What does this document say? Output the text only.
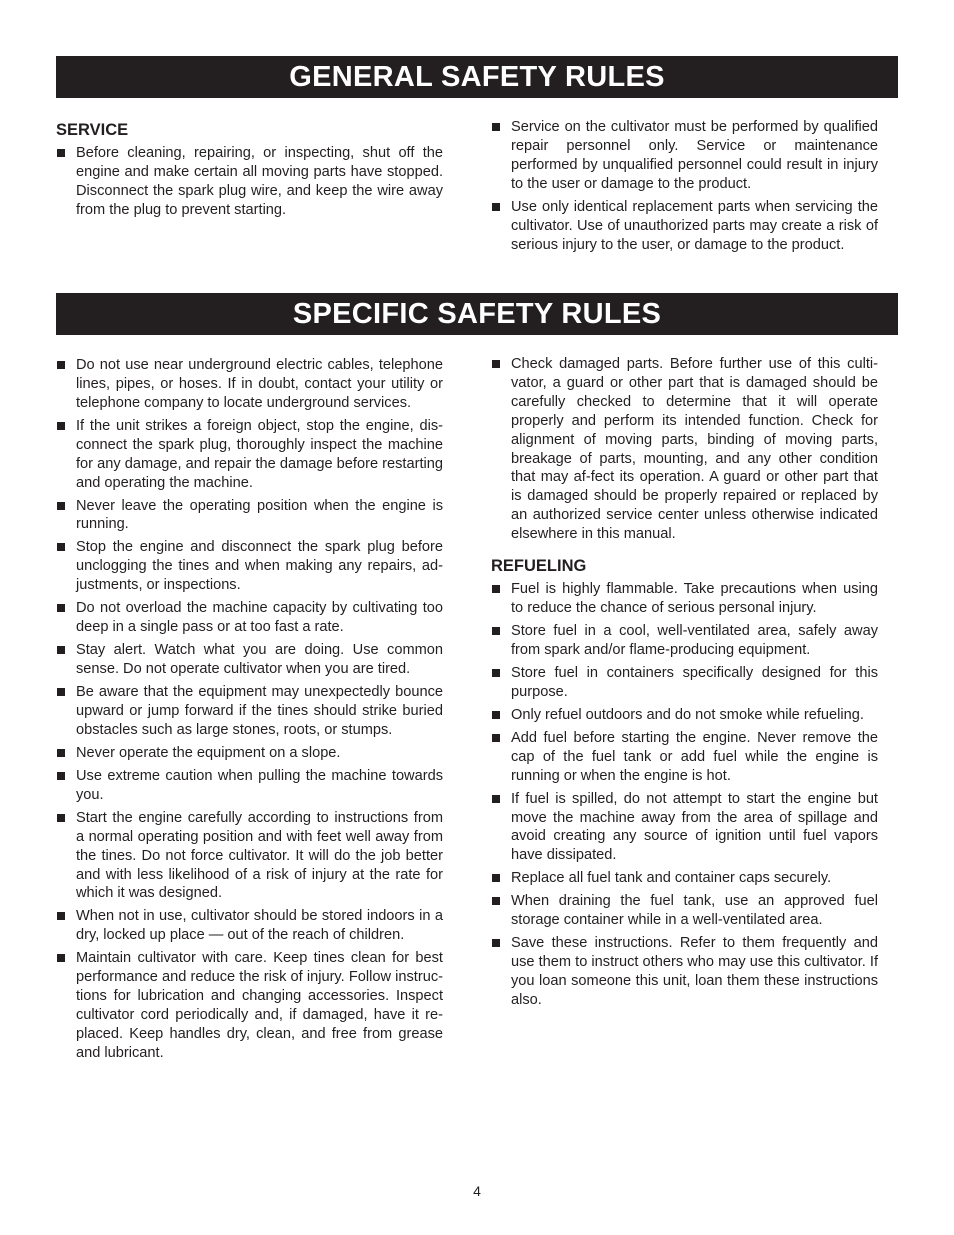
GENERAL SAFETY RULES
SERVICE
Before cleaning, repairing, or inspecting, shut off the engine and make certain all moving parts have stopped. Disconnect the spark plug wire, and keep the wire away from the plug to prevent starting.
Service on the cultivator must be performed by qualified repair personnel only. Service or maintenance performed by unqualified personnel could result in injury to the user or damage to the product.
Use only identical replacement parts when servicing the cultivator. Use of unauthorized parts may create a risk of serious injury to the user, or damage to the product.
SPECIFIC SAFETY RULES
Do not use near underground electric cables, telephone lines, pipes, or hoses. If in doubt, contact your utility or telephone company to locate underground services.
If the unit strikes a foreign object, stop the engine, dis-connect the spark plug, thoroughly inspect the machine for any damage, and repair the damage before restarting and operating the machine.
Never leave the operating position when the engine is running.
Stop the engine and disconnect the spark plug before unclogging the tines and when making any repairs, ad-justments, or inspections.
Do not overload the machine capacity by cultivating too deep in a single pass or at too fast a rate.
Stay alert. Watch what you are doing. Use common sense. Do not operate cultivator when you are tired.
Be aware that the equipment may unexpectedly bounce upward or jump forward if the tines should strike buried obstacles such as large stones, roots, or stumps.
Never operate the equipment on a slope.
Use extreme caution when pulling the machine towards you.
Start the engine carefully according to instructions from a normal operating position and with feet well away from the tines. Do not force cultivator. It will do the job better and with less likelihood of a risk of injury at the rate for which it was designed.
When not in use, cultivator should be stored indoors in a dry, locked up place — out of the reach of children.
Maintain cultivator with care. Keep tines clean for best performance and reduce the risk of injury. Follow instruc-tions for lubrication and changing accessories. Inspect cultivator cord periodically and, if damaged, have it re-placed. Keep handles dry, clean, and free from grease and lubricant.
Check damaged parts. Before further use of this culti-vator, a guard or other part that is damaged should be carefully checked to determine that it will operate properly and perform its intended function. Check for alignment of moving parts, binding of moving parts, breakage of parts, mounting, and any other condition that may af-fect its operation. A guard or other part that is damaged should be properly repaired or replaced by an authorized service center unless otherwise indicated elsewhere in this manual.
REFUELING
Fuel is highly flammable. Take precautions when using to reduce the chance of serious personal injury.
Store fuel in a cool, well-ventilated area, safely away from spark and/or flame-producing equipment.
Store fuel in containers specifically designed for this purpose.
Only refuel outdoors and do not smoke while refueling.
Add fuel before starting the engine. Never remove the cap of the fuel tank or add fuel while the engine is running or when the engine is hot.
If fuel is spilled, do not attempt to start the engine but move the machine away from the area of spillage and avoid creating any source of ignition until fuel vapors have dissipated.
Replace all fuel tank and container caps securely.
When draining the fuel tank, use an approved fuel storage container while in a well-ventilated area.
Save these instructions. Refer to them frequently and use them to instruct others who may use this cultivator. If you loan someone this unit, loan them these instructions also.
4
